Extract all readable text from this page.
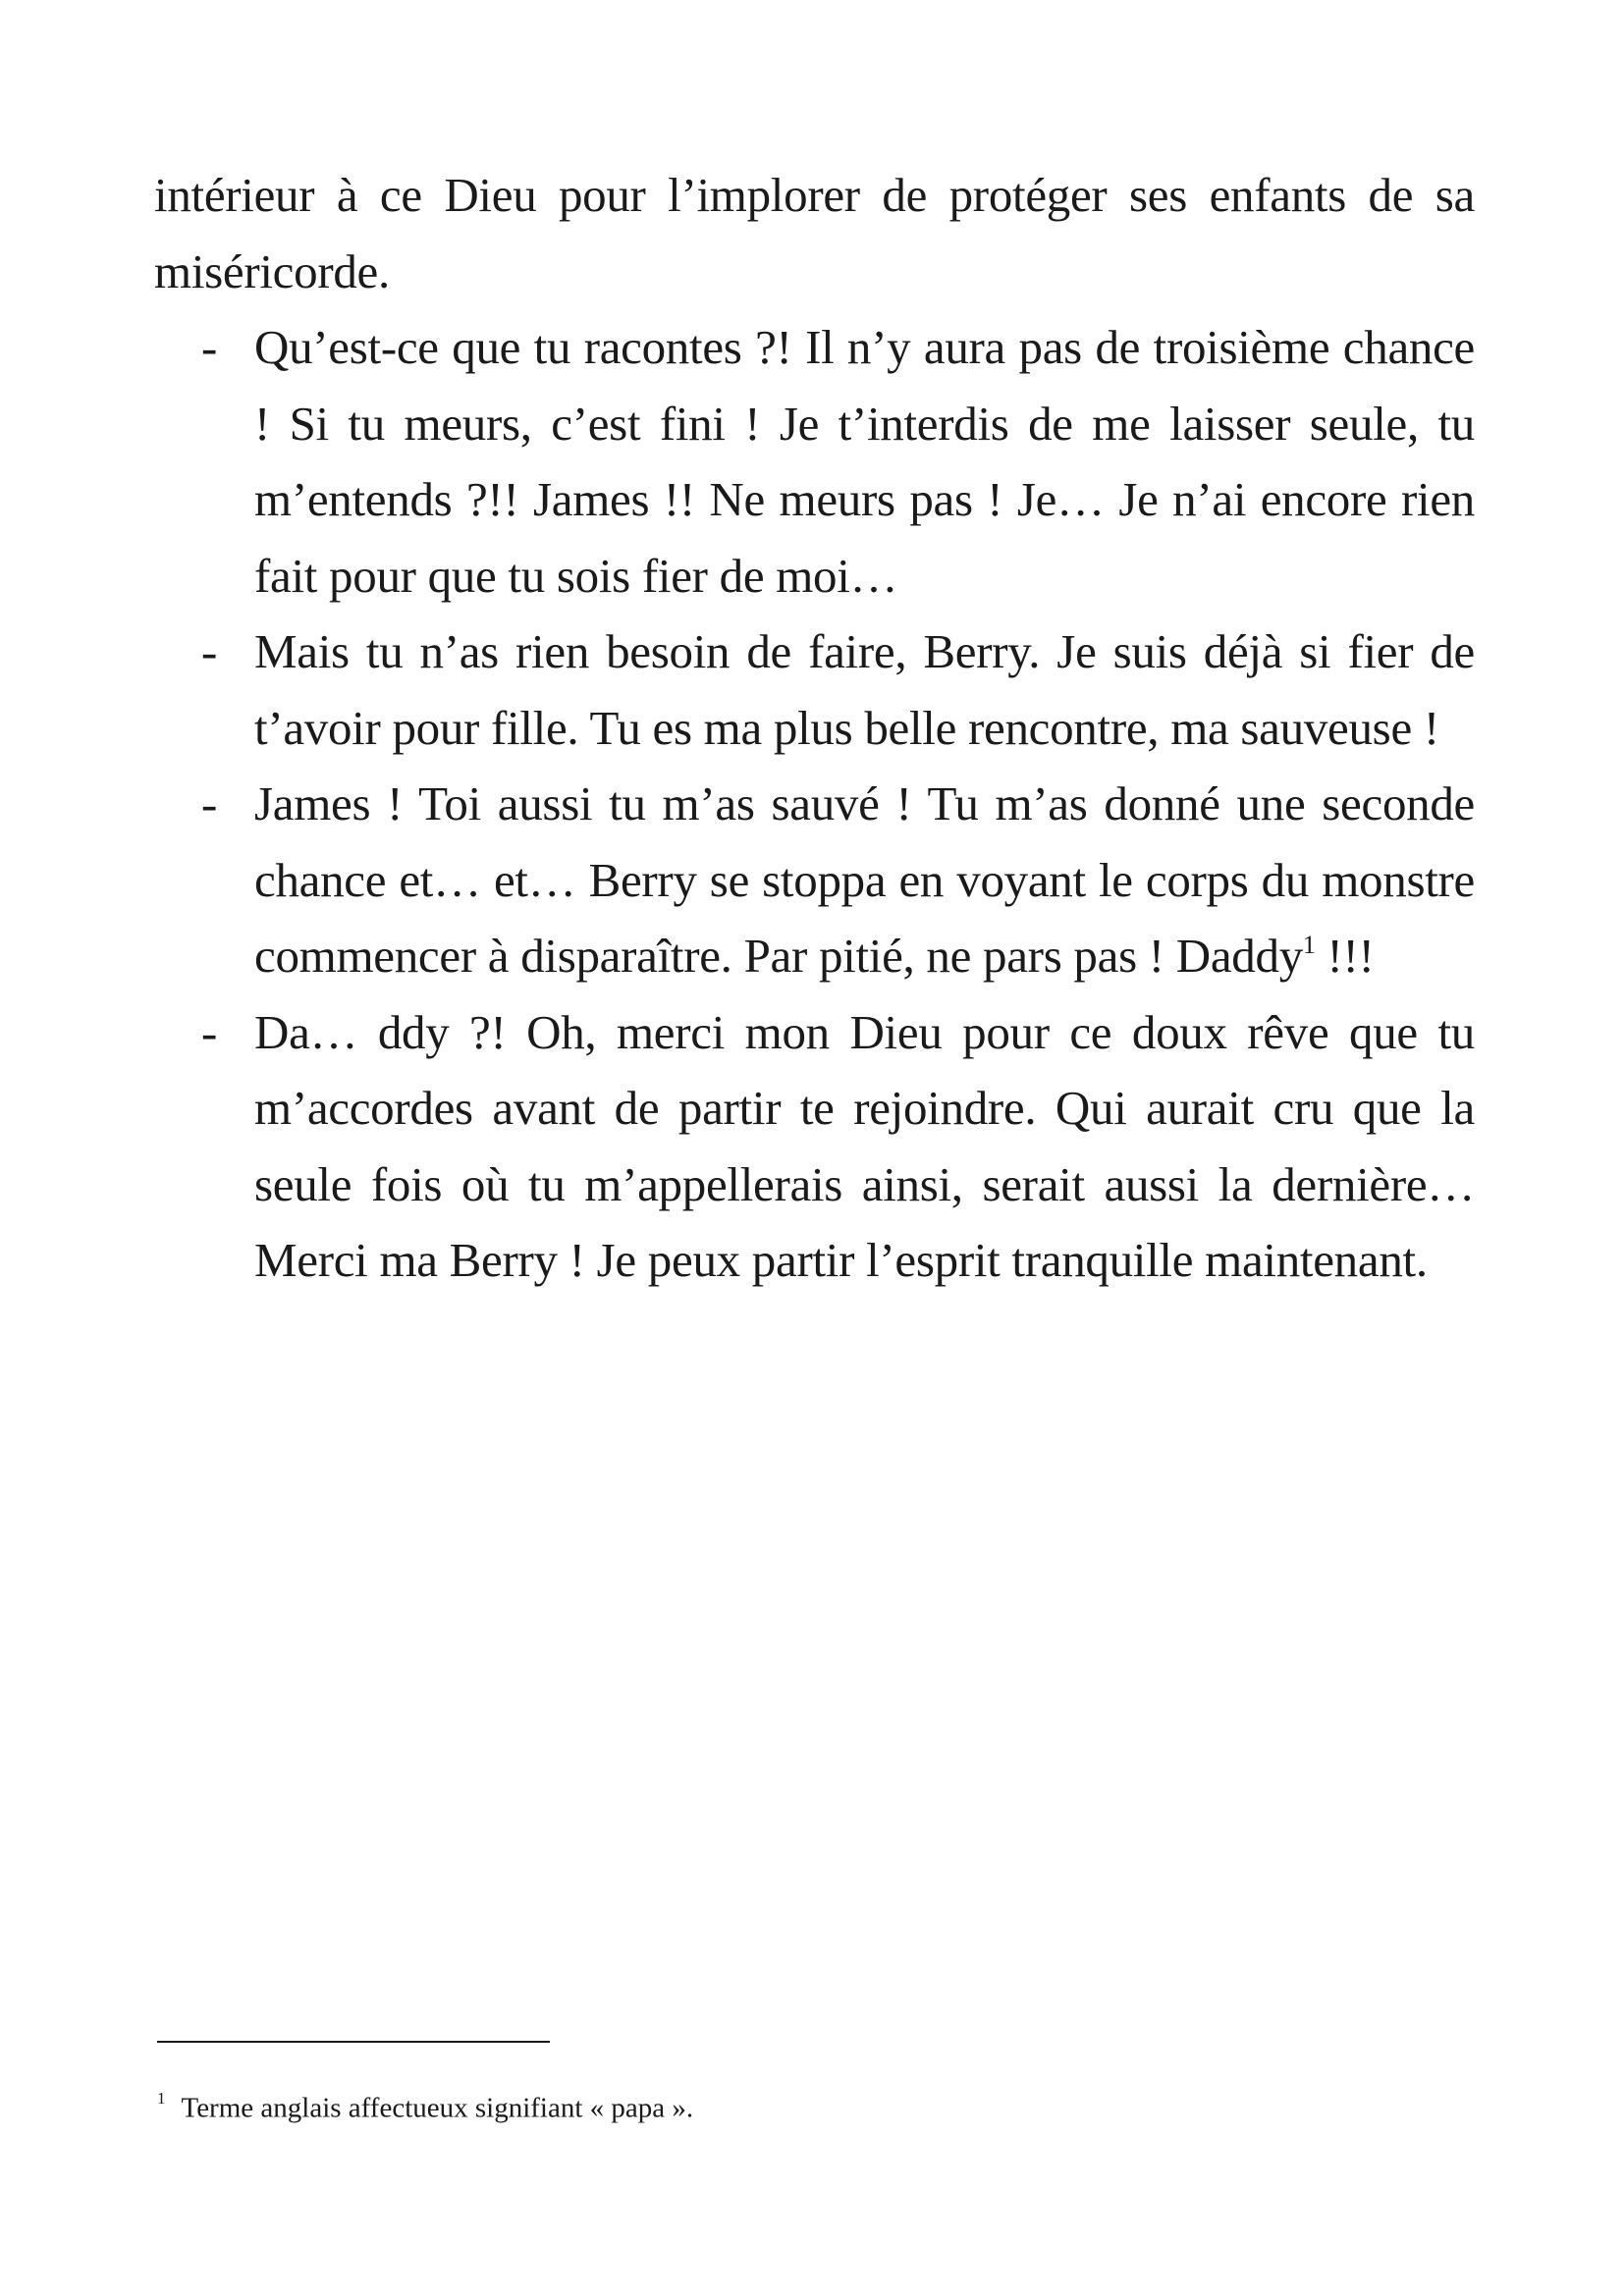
intérieur à ce Dieu pour l’implorer de protéger ses enfants de sa miséricorde.

- Qu’est-ce que tu racontes ?! Il n’y aura pas de troisième chance ! Si tu meurs, c’est fini ! Je t’interdis de me laisser seule, tu m’entends ?!! James !! Ne meurs pas ! Je… Je n’ai encore rien fait pour que tu sois fier de moi…

- Mais tu n’as rien besoin de faire, Berry. Je suis déjà si fier de t’avoir pour fille. Tu es ma plus belle rencontre, ma sauveuse !

- James ! Toi aussi tu m’as sauvé ! Tu m’as donné une seconde chance et… et… Berry se stoppa en voyant le corps du monstre commencer à disparaître. Par pitié, ne pars pas ! Daddy$^1$ !!!

- Da… ddy ?! Oh, merci mon Dieu pour ce doux rêve que tu m’accordes avant de partir te rejoindre. Qui aurait cru que la seule fois où tu m’appellerais ainsi, serait aussi la dernière… Merci ma Berry ! Je peux partir l’esprit tranquille maintenant.

$^1$ Terme anglais affectueux signifiant « papa ».
